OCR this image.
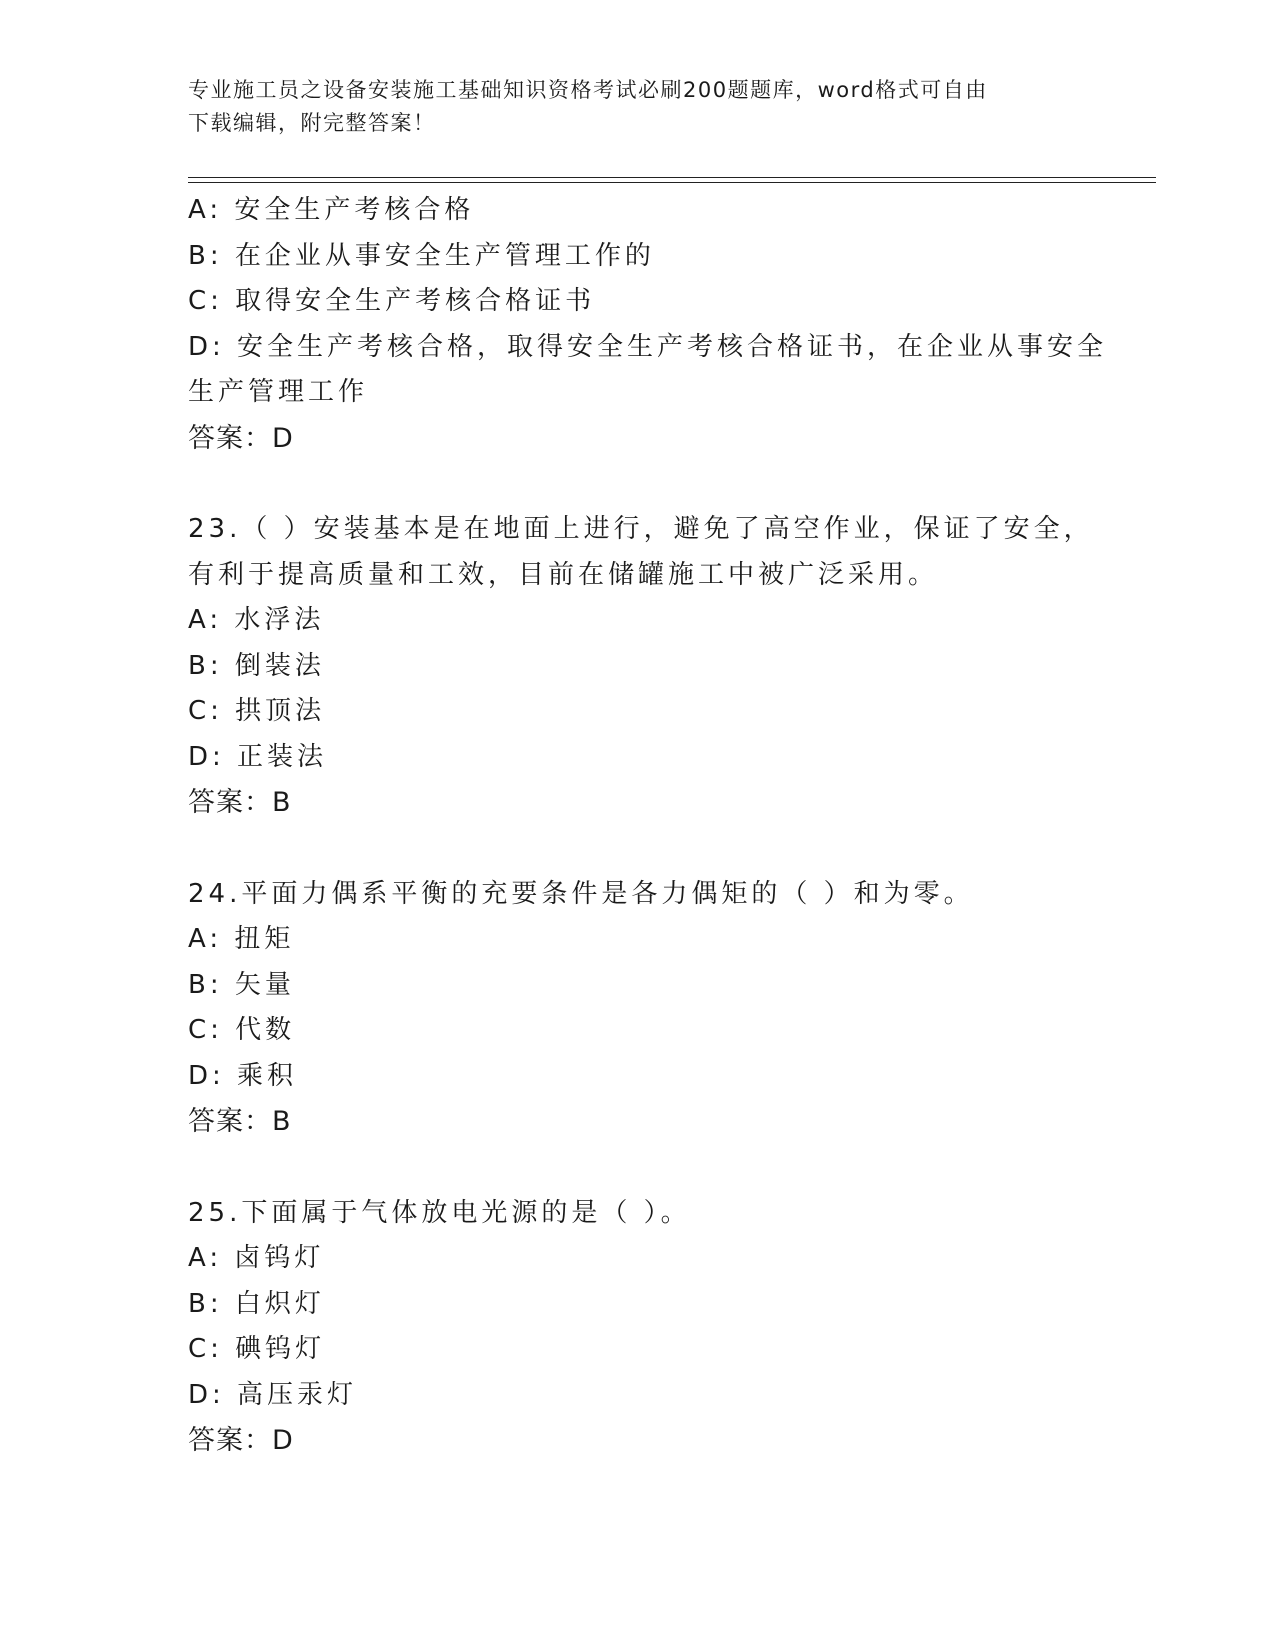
专业施工员之设备安装施工基础知识资格考试必刷200题题库，word格式可自由
下载编辑，附完整答案！
A: 安全生产考核合格
B: 在企业从事安全生产管理工作的
C: 取得安全生产考核合格证书
D: 安全生产考核合格，取得安全生产考核合格证书，在企业从事安全
生产管理工作
答案：D
23.（ ）安装基本是在地面上进行，避免了高空作业，保证了安全，
有利于提高质量和工效，目前在储罐施工中被广泛采用。
A: 水浮法
B: 倒装法
C: 拱顶法
D: 正装法
答案：B
24.平面力偶系平衡的充要条件是各力偶矩的（ ）和为零。
A: 扭矩
B: 矢量
C: 代数
D: 乘积
答案：B
25.下面属于气体放电光源的是（ ）。
A: 卤钨灯
B: 白炽灯
C: 碘钨灯
D: 高压汞灯
答案：D
